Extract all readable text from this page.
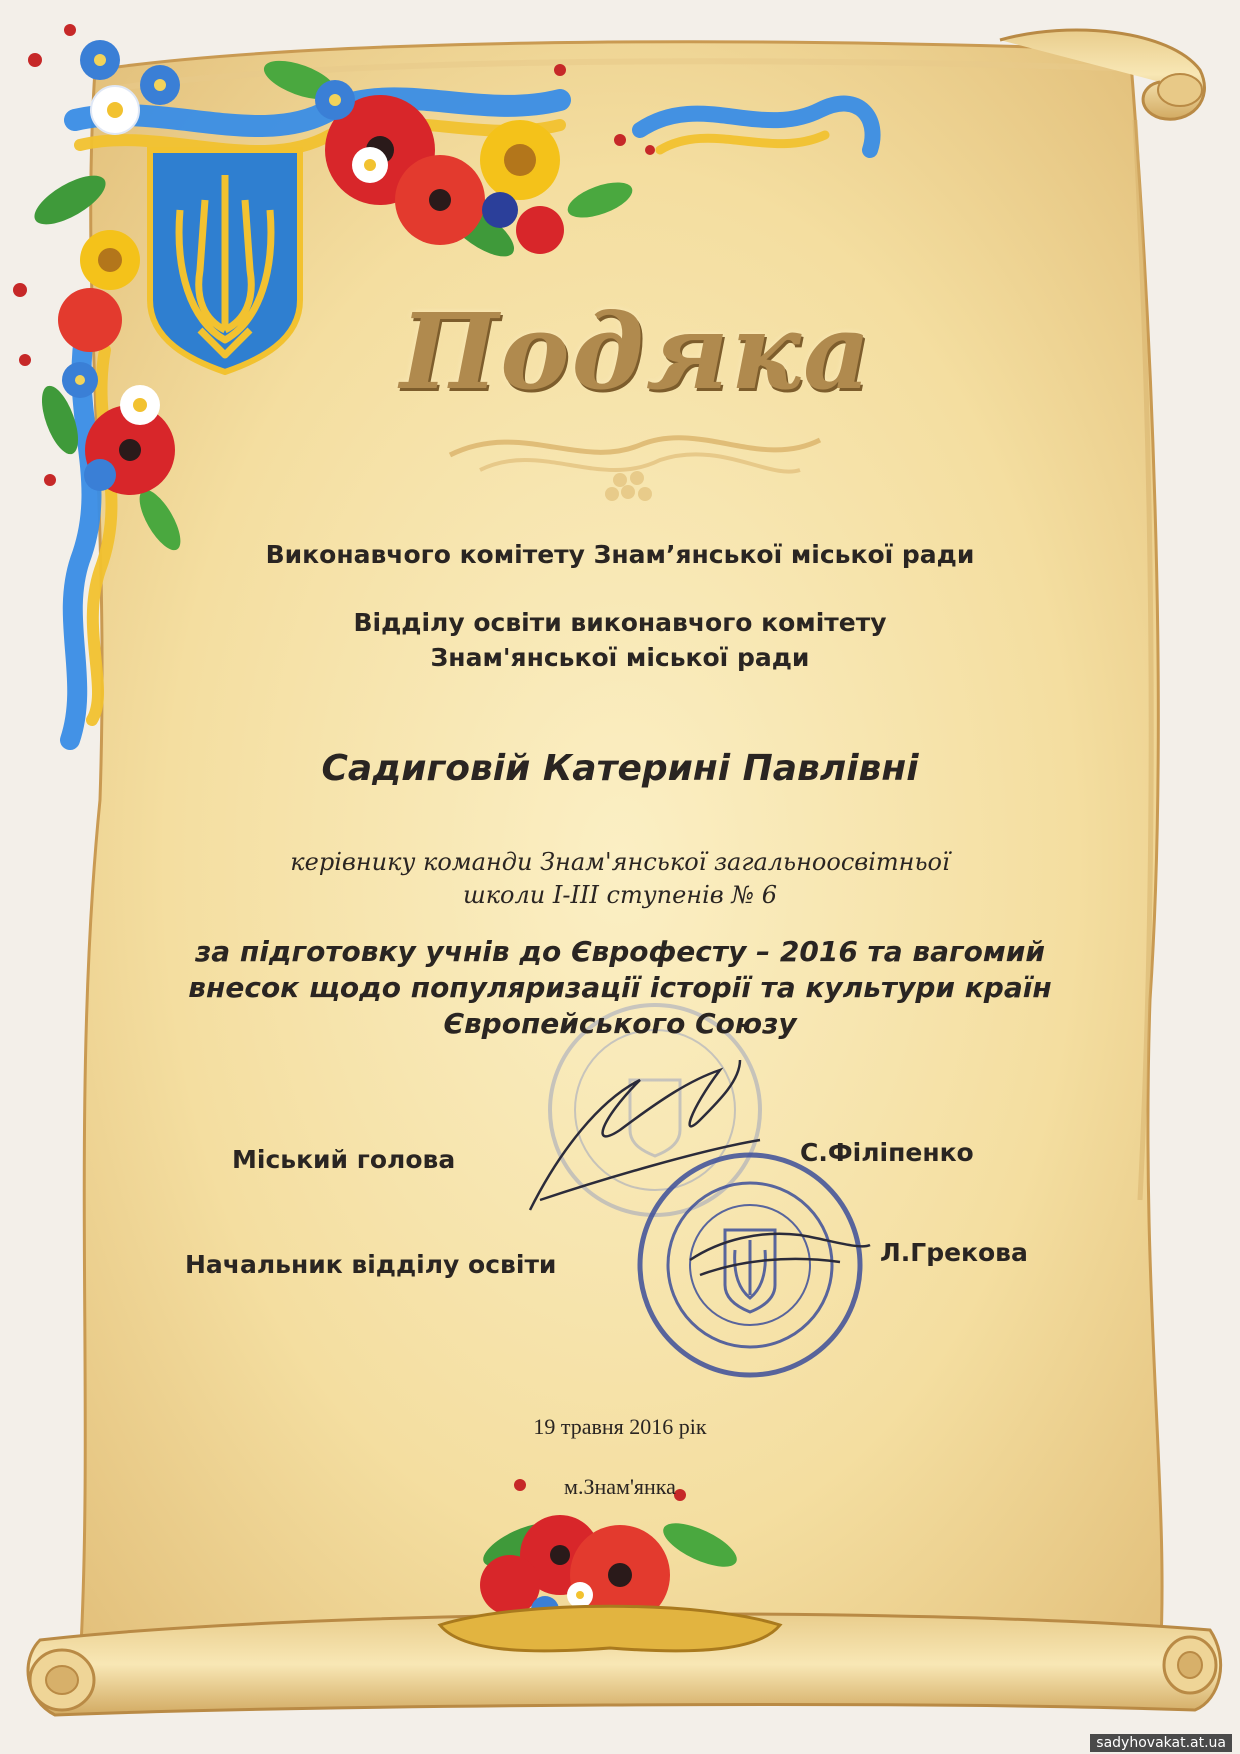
Подяка

Виконавчого комітету Знам’янської міської ради

Відділу освіти виконавчого комітету

Знам'янської міської ради

Садиговій Катерині Павлівні

керівнику команди Знам'янської загальноосвітньої

школи І-ІІІ ступенів № 6

за підготовку учнів до Єврофесту – 2016 та вагомий

внесок щодо популяризації історії та культури країн

Європейського Союзу

Міський голова	С.Філіпенко
Начальник відділу освіти	Л.Грекова
19 травня 2016 рік
м.Знам'янка
sadyhovakat.at.ua
